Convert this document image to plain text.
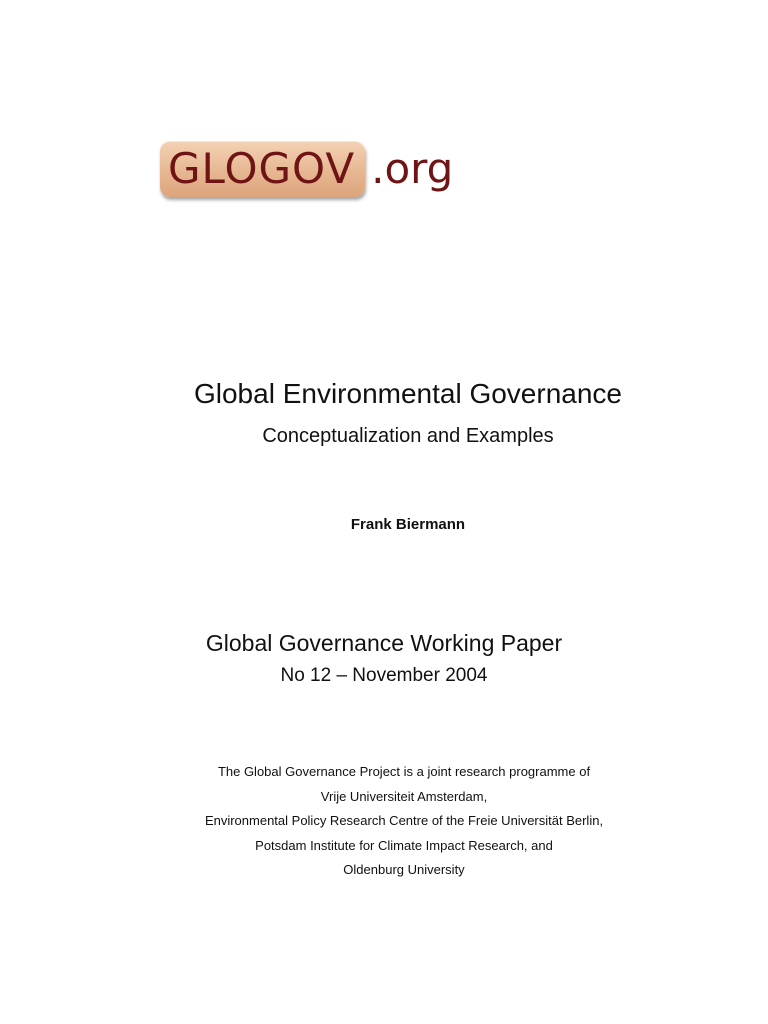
GLOGOV .org
Global Environmental Governance
Conceptualization and Examples
Frank Biermann
Global Governance Working Paper
No 12 – November 2004
The Global Governance Project is a joint research programme of
Vrije Universiteit Amsterdam,
Environmental Policy Research Centre of the Freie Universität Berlin,
Potsdam Institute for Climate Impact Research, and
Oldenburg University
